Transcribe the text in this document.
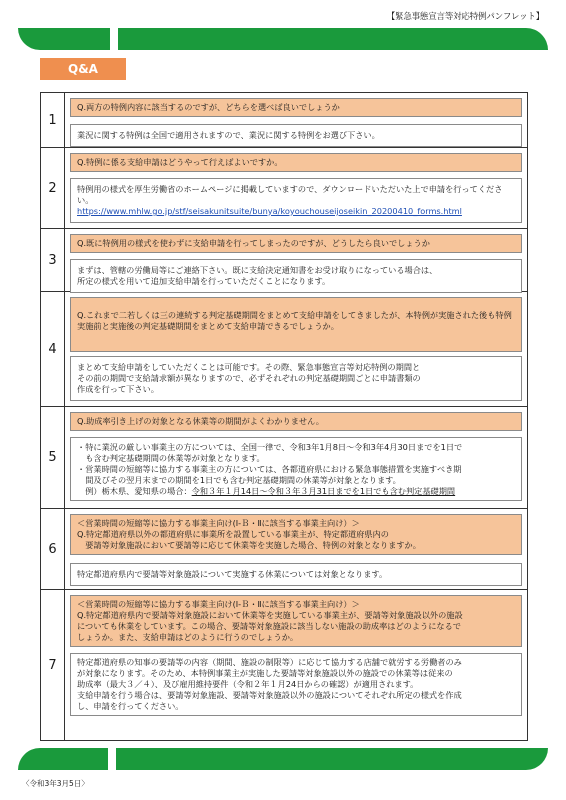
【緊急事態宣言等対応特例パンフレット】
Q&A
1
Q.両方の特例内容に該当するのですが、どちらを選べば良いでしょうか
業況に関する特例は全国で適用されますので、業況に関する特例をお選び下さい。
2
Q.特例に係る支給申請はどうやって行えばよいですか。
特例用の様式を厚生労働省のホームページに掲載していますので、ダウンロードいただいた上で申請を行ってください。
https://www.mhlw.go.jp/stf/seisakunitsuite/bunya/koyouchouseijoseikin_20200410_forms.html
3
Q.既に特例用の様式を使わずに支給申請を行ってしまったのですが、どうしたら良いでしょうか
まずは、管轄の労働局等にご連絡下さい。既に支給決定通知書をお受け取りになっている場合は、
所定の様式を用いて追加支給申請を行っていただくことになります。
4
Q.これまで二若しくは三の連続する判定基礎期間をまとめて支給申請をしてきましたが、本特例が実施された後も特例実施前と実施後の判定基礎期間をまとめて支給申請できるでしょうか。
まとめて支給申請をしていただくことは可能です。その際、緊急事態宣言等対応特例の期間と
その前の期間で支給請求額が異なりますので、必ずそれぞれの判定基礎期間ごとに申請書類の
作成を行って下さい。
5
Q.助成率引き上げの対象となる休業等の期間がよくわかりません。
・特に業況の厳しい事業主の方については、全国一律で、令和3年1月8日～令和3年4月30日までを1日で
　も含む判定基礎期間の休業等が対象となります。
・営業時間の短縮等に協力する事業主の方については、各都道府県における緊急事態措置を実施すべき期
　間及びその翌月末までの期間を1日でも含む判定基礎期間の休業等が対象となります。
　例）栃木県、愛知県の場合：令和３年１月14日～令和３年３月31日までを1日でも含む判定基礎期間
6
＜営業時間の短縮等に協力する事業主向け(Ⅰ-Ｂ・Ⅱに該当する事業主向け）＞
Q.特定都道府県以外の都道府県に事業所を設置している事業主が、特定都道府県内の
　要請等対象施設において要請等に応じて休業等を実施した場合、特例の対象となりますか。
特定都道府県内で要請等対象施設について実施する休業については対象となります。
7
＜営業時間の短縮等に協力する事業主向け(Ⅰ-Ｂ・Ⅱに該当する事業主向け）＞
Q.特定都道府県内で要請等対象施設において休業等を実施している事業主が、要請等対象施設以外の施設
についても休業をしています。この場合、要請等対象施設に該当しない施設の助成率はどのようになるで
しょうか。また、支給申請はどのように行うのでしょうか。
特定都道府県の知事の要請等の内容（期間、施設の制限等）に応じて協力する店舗で就労する労働者のみ
が対象になります。そのため、本特例事業主が実施した要請等対象施設以外の施設での休業等は従来の
助成率（最大３／４）、及び雇用維持要件（令和２年１月24日からの確認）が適用されます。
支給申請を行う場合は、要請等対象施設、要請等対象施設以外の施設についてそれぞれ所定の様式を作成
し、申請を行ってください。
〈令和3年3月5日〉
